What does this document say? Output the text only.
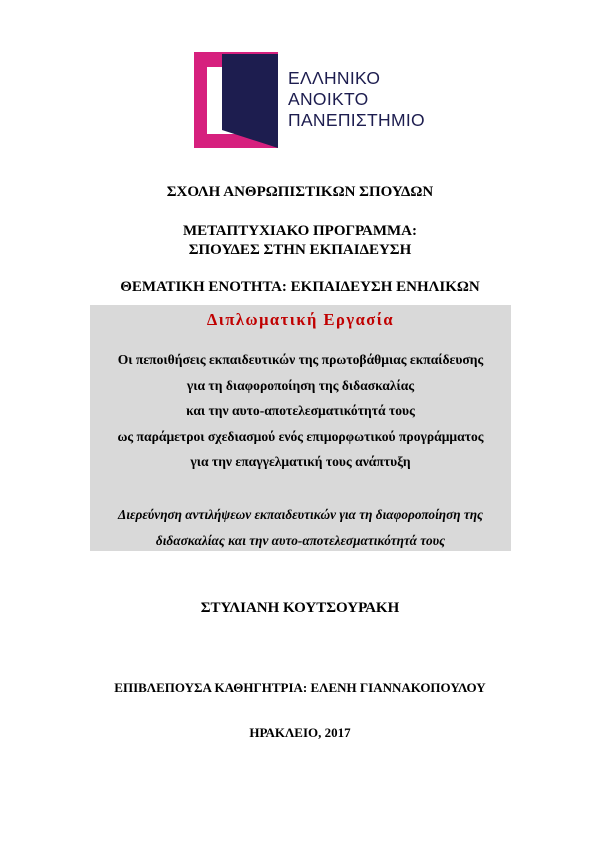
ΕΛΛΗΝΙΚΟ
ΑΝΟΙΚΤΟ
ΠΑΝΕΠΙΣΤΗΜΙΟ
ΣΧΟΛΗ ΑΝΘΡΩΠΙΣΤΙΚΩΝ ΣΠΟΥΔΩΝ
ΜΕΤΑΠΤΥΧΙΑΚΟ ΠΡΟΓΡΑΜΜΑ:
ΣΠΟΥΔΕΣ ΣΤΗΝ ΕΚΠΑΙΔΕΥΣΗ
ΘΕΜΑΤΙΚΗ ΕΝΟΤΗΤΑ: ΕΚΠΑΙΔΕΥΣΗ ΕΝΗΛΙΚΩΝ
Διπλωματική Εργασία
Οι πεποιθήσεις εκπαιδευτικών της πρωτοβάθμιας εκπαίδευσης
για τη διαφοροποίηση της διδασκαλίας
και την αυτο-αποτελεσματικότητά τους
ως παράμετροι σχεδιασμού ενός επιμορφωτικού προγράμματος
για την επαγγελματική τους ανάπτυξη
Διερεύνηση αντιλήψεων εκπαιδευτικών για τη διαφοροποίηση της
διδασκαλίας και την αυτο-αποτελεσματικότητά τους
ΣΤΥΛΙΑΝΗ ΚΟΥΤΣΟΥΡΑΚΗ
ΕΠΙΒΛΕΠΟΥΣΑ ΚΑΘΗΓΗΤΡΙΑ: ΕΛΕΝΗ ΓΙΑΝΝΑΚΟΠΟΥΛΟΥ
ΗΡΑΚΛΕΙΟ, 2017
